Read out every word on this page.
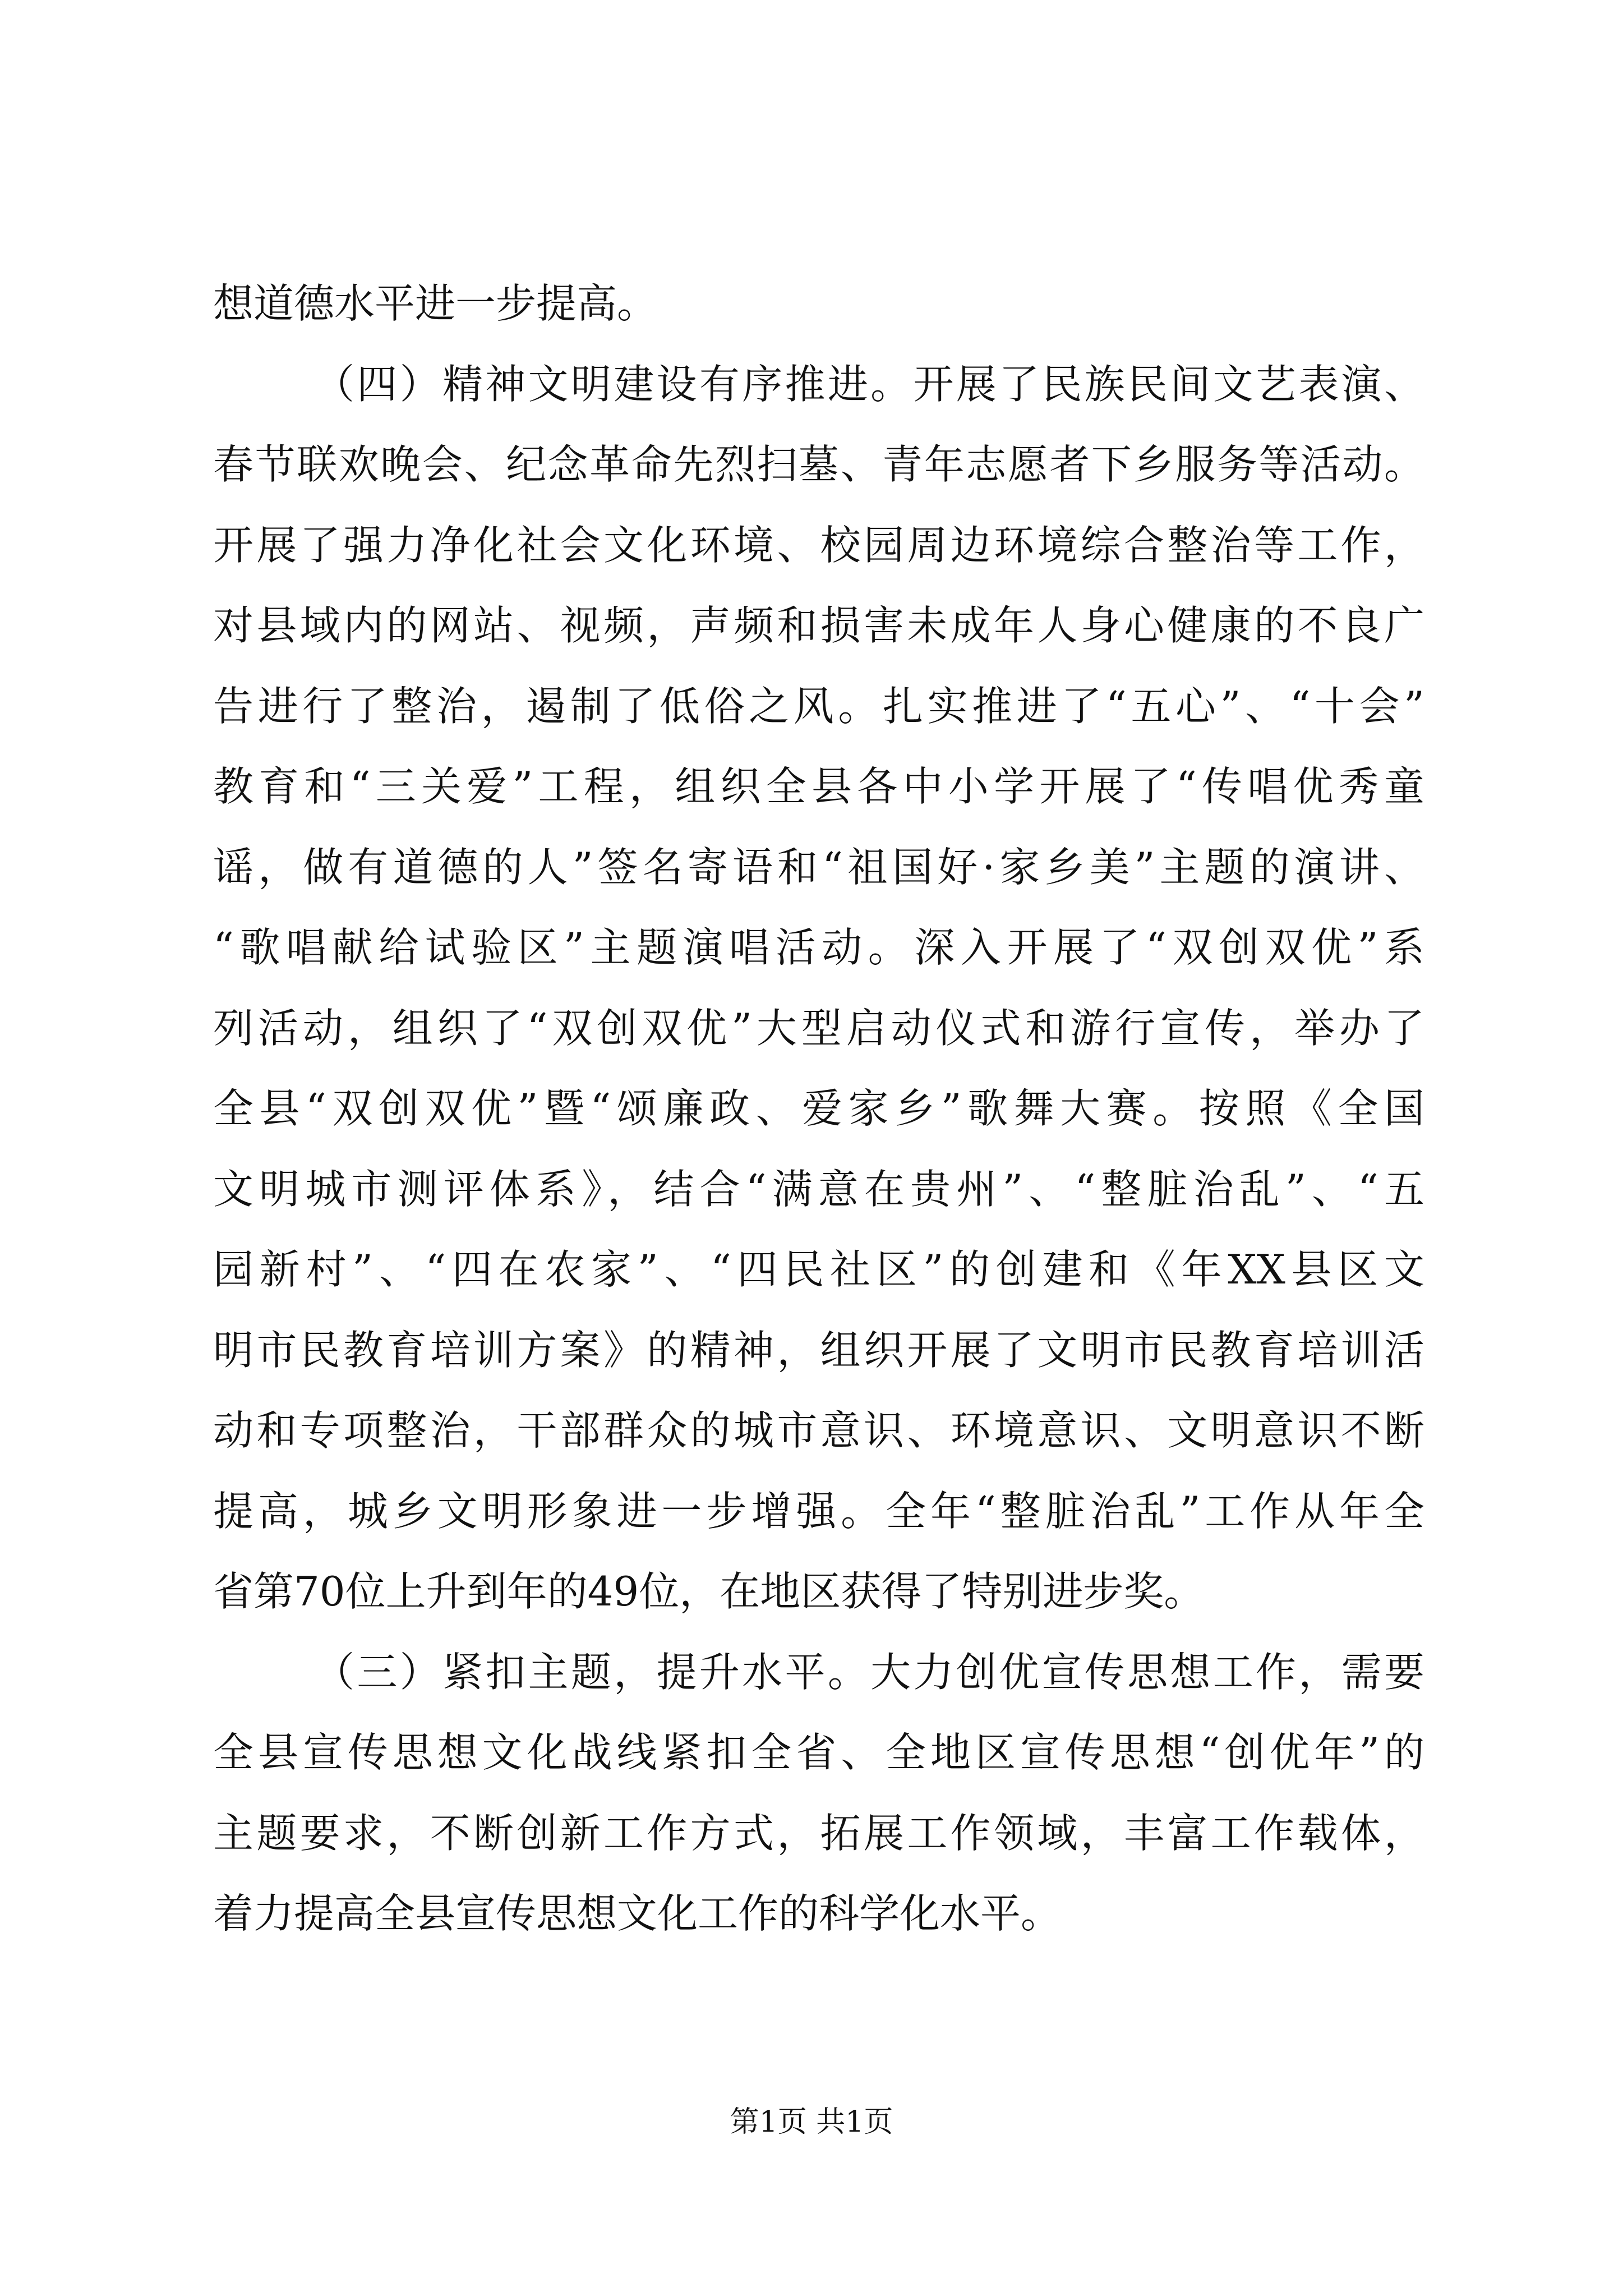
想道德水平进一步提高。
（四）精神文明建设有序推进。开展了民族民间文艺表演、
春节联欢晚会、纪念革命先烈扫墓、青年志愿者下乡服务等活动。
开展了强力净化社会文化环境、校园周边环境综合整治等工作，
对县域内的网站、视频，声频和损害未成年人身心健康的不良广
告进行了整治，遏制了低俗之风。扎实推进了“五心”、“十会”
教育和“三关爱”工程，组织全县各中小学开展了“传唱优秀童
谣，做有道德的人”签名寄语和“祖国好·家乡美”主题的演讲、
“歌唱献给试验区”主题演唱活动。深入开展了“双创双优”系
列活动，组织了“双创双优”大型启动仪式和游行宣传，举办了
全县“双创双优”暨“颂廉政、爱家乡”歌舞大赛。按照《全国
文明城市测评体系》，结合“满意在贵州”、“整脏治乱”、“五
园新村”、“四在农家”、“四民社区”的创建和《年XX县区文
明市民教育培训方案》的精神，组织开展了文明市民教育培训活
动和专项整治，干部群众的城市意识、环境意识、文明意识不断
提高，城乡文明形象进一步增强。全年“整脏治乱”工作从年全
省第70位上升到年的49位，在地区获得了特别进步奖。
（三）紧扣主题，提升水平。大力创优宣传思想工作，需要
全县宣传思想文化战线紧扣全省、全地区宣传思想“创优年”的
主题要求，不断创新工作方式，拓展工作领域，丰富工作载体，
着力提高全县宣传思想文化工作的科学化水平。
第1页 共1页
